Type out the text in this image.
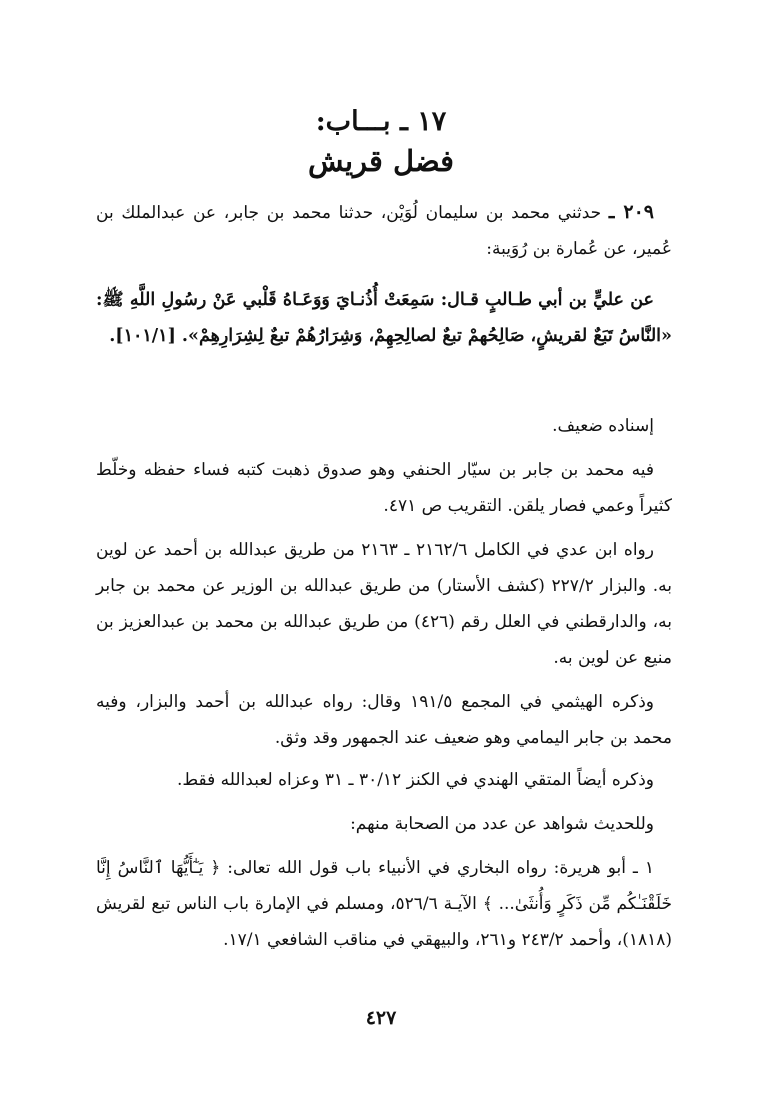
١٧ ـ بـــاب:
فضل قريش
٢٠٩ ـ حدثني محمد بن سليمان لُوَيْن، حدثنا محمد بن جابر، عن عبدالملك بن عُمير، عن عُمارة بن رُوَيبة:
عن عليٍّ بن أبي طـالبٍ قـال: سَمِعَتْ أُذُنـايَ وَوَعَـاهُ قَلْبي عَنْ رسُولِ اللَّهِ ﷺ: «النَّاسُ تَبَعٌ لقريشٍ، صَالِحُهمْ تبعٌ لصالِحِهِمْ، وَشِرَارُهُمْ تبعٌ لِشِرَارِهِمْ». [١٠١/١].
إسناده ضعيف.
فيه محمد بن جابر بن سيّار الحنفي وهو صدوق ذهبت كتبه فساء حفظه وخلّط كثيراً وعمي فصار يلقن. التقريب ص ٤٧١.
رواه ابن عدي في الكامل ٢١٦٢/٦ ـ ٢١٦٣ من طريق عبدالله بن أحمد عن لوين به. والبزار ٢٢٧/٢ (كشف الأستار) من طريق عبدالله بن الوزير عن محمد بن جابر به، والدارقطني في العلل رقم (٤٢٦) من طريق عبدالله بن محمد بن عبدالعزيز بن منيع عن لوين به.
وذكره الهيثمي في المجمع ١٩١/٥ وقال: رواه عبدالله بن أحمد والبزار، وفيه محمد بن جابر اليمامي وهو ضعيف عند الجمهور وقد وثق.
وذكره أيضاً المتقي الهندي في الكنز ٣٠/١٢ ـ ٣١ وعزاه لعبدالله فقط.
وللحديث شواهد عن عدد من الصحابة منهم:
١ ـ أبو هريرة: رواه البخاري في الأنبياء باب قول الله تعالى: ﴿ يَـٰٓأَيُّهَا ٱلنَّاسُ إِنَّا خَلَقْنَـٰكُم مِّن ذَكَرٍ وَأُنثَىٰ... ﴾ الآيـة ٥٢٦/٦، ومسلم في الإمارة باب الناس تبع لقريش (١٨١٨)، وأحمد ٢٤٣/٢ و٢٦١، والبيهقي في مناقب الشافعي ١٧/١.
٤٢٧
